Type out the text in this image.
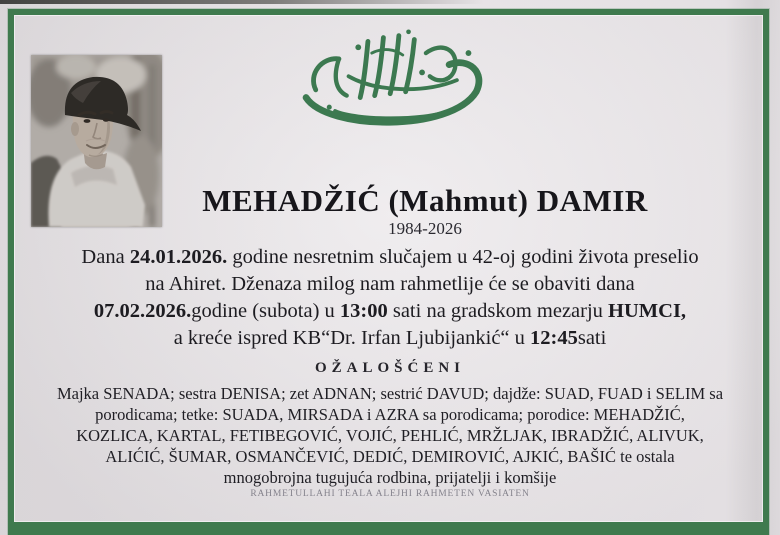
MEHADŽIĆ (Mahmut) DAMIR
1984-2026

Dana 24.01.2026. godine nesretnim slučajem u 42-oj godini života preselio

na Ahiret. Dženaza milog nam rahmetlije će se obaviti dana

07.02.2026.godine (subota) u 13:00 sati na gradskom mezarju HUMCI,

a kreće ispred KB“Dr. Irfan Ljubijankić“ u 12:45sati

OŽALOŠĆENI
Majka SENADA; sestra DENISA; zet ADNAN; sestrić DAVUD; dajdže: SUAD, FUAD i SELIM sa
porodicama; tetke: SUADA, MIRSADA i AZRA sa porodicama; porodice: MEHADŽIĆ,
KOZLICA, KARTAL, FETIBEGOVIĆ, VOJIĆ, PEHLIĆ, MRŽLJAK, IBRADŽIĆ, ALIVUK,
ALIĆIĆ, ŠUMAR, OSMANČEVIĆ, DEDIĆ, DEMIROVIĆ, AJKIĆ, BAŠIĆ te ostala
mnogobrojna tugujuća rodbina, prijatelji i komšije
RAHMETULLAHI TEALA ALEJHI RAHMETEN VASIATEN
